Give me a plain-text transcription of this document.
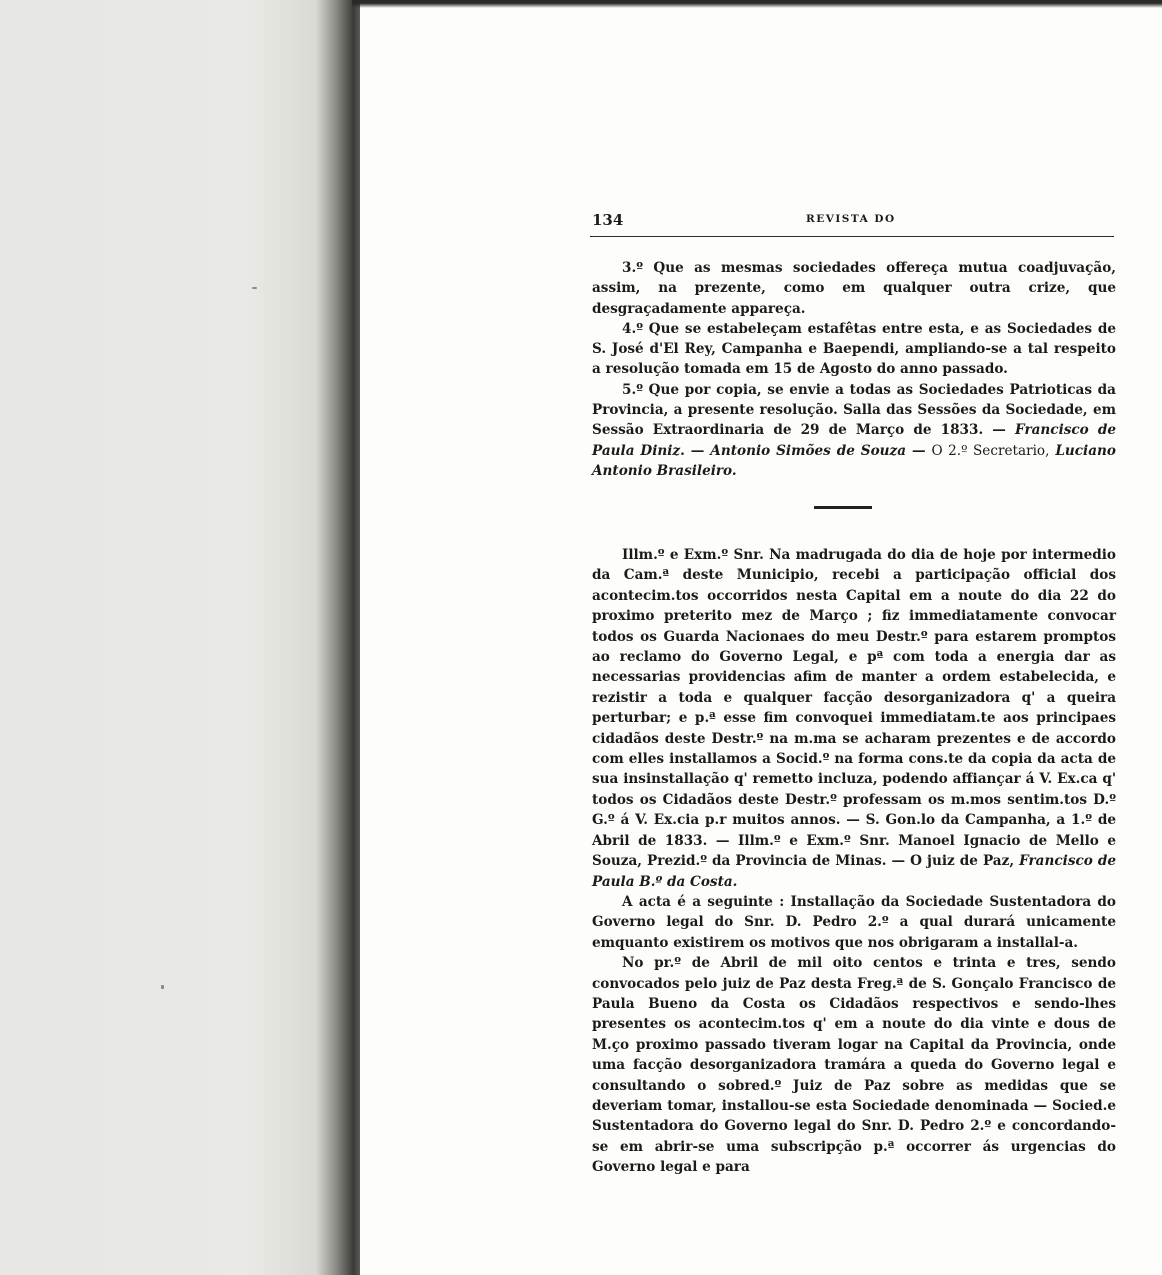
134	REVISTA DO

3.º Que as mesmas sociedades offereça mutua coadjuvação, assim, na prezente, como em qualquer outra crize, que desgraçadamente appareça.

4.º Que se estabeleçam estafêtas entre esta, e as Sociedades de S. José d'El Rey, Campanha e Baependi, ampliando-se a tal respeito a resolução tomada em 15 de Agosto do anno passado.

5.º Que por copia, se envie a todas as Sociedades Patrioticas da Provincia, a presente resolução. Salla das Sessões da Sociedade, em Sessão Extraordinaria de 29 de Março de 1833. — Francisco de Paula Diniz. — Antonio Simões de Souza — O 2.º Secretario, Luciano Antonio Brasileiro.

Illm.º e Exm.º Snr. Na madrugada do dia de hoje por intermedio da Cam.ª deste Municipio, recebi a participação official dos acontecim.tos occorridos nesta Capital em a noute do dia 22 do proximo preterito mez de Março ; fiz immediatamente convocar todos os Guarda Nacionaes do meu Destr.º para estarem promptos ao reclamo do Governo Legal, e pª com toda a energia dar as necessarias providencias afim de manter a ordem estabelecida, e rezistir a toda e qualquer facção desorganizadora q' a queira perturbar; e p.ª esse fim convoquei immediatam.te aos principaes cidadãos deste Destr.º na m.ma se acharam prezentes e de accordo com elles installamos a Socid.º na forma cons.te da copia da acta de sua insinstallação q' remetto incluza, podendo affiançar á V. Ex.ca q' todos os Cidadãos deste Destr.º professam os m.mos sentim.tos D.º G.º á V. Ex.cia p.r muitos annos. — S. Gon.lo da Campanha, a 1.º de Abril de 1833. — Illm.º e Exm.º Snr. Manoel Ignacio de Mello e Souza, Prezid.º da Provincia de Minas. — O juiz de Paz, Francisco de Paula B.º da Costa.

A acta é a seguinte : Installação da Sociedade Sustentadora do Governo legal do Snr. D. Pedro 2.º a qual durará unicamente emquanto existirem os motivos que nos obrigaram a installal-a.

No pr.º de Abril de mil oito centos e trinta e tres, sendo convocados pelo juiz de Paz desta Freg.ª de S. Gonçalo Francisco de Paula Bueno da Costa os Cidadãos respectivos e sendo-lhes presentes os acontecim.tos q' em a noute do dia vinte e dous de M.ço proximo passado tiveram logar na Capital da Provincia, onde uma facção desorganizadora tramára a queda do Governo legal e consultando o sobred.º Juiz de Paz sobre as medidas que se deveriam tomar, installou-se esta Sociedade denominada — Socied.e Sustentadora do Governo legal do Snr. D. Pedro 2.º e concordando-se em abrir-se uma subscripção p.ª occorrer ás urgencias do Governo legal e para
